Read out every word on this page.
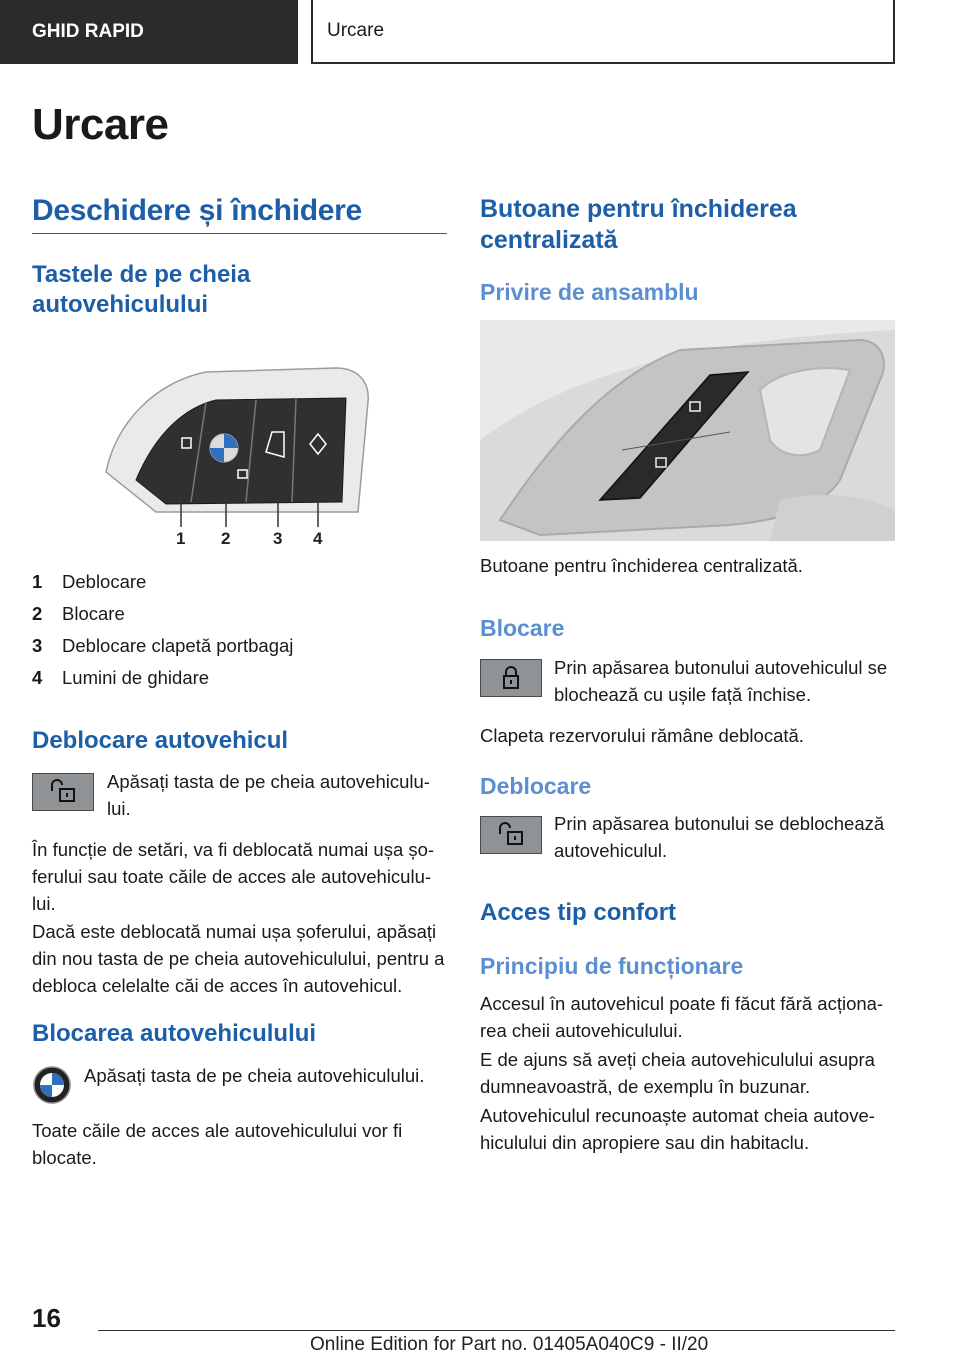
GHID RAPID	Urcare
Urcare
Deschidere și închidere
Tastele de pe cheia autovehiculului
1 2	3 4
1	Deblocare
2	Blocare
3	Deblocare clapetă portbagaj
4	Lumini de ghidare
Deblocare autovehicul
Apăsați tasta de pe cheia autovehiculu-lui.
În funcție de setări, va fi deblocată numai ușa șo-ferului sau toate căile de acces ale autovehiculu-lui.
Dacă este deblocată numai ușa șoferului, apăsați din nou tasta de pe cheia autovehiculului, pentru a debloca celelalte căi de acces în autovehicul.
Blocarea autovehiculului
Apăsați tasta de pe cheia autovehiculului.
Toate căile de acces ale autovehiculului vor fi blocate.
Butoane pentru închiderea centralizată
Privire de ansamblu
Butoane pentru închiderea centralizată.
Blocare
Prin apăsarea butonului autovehiculul se blochează cu ușile față închise.
Clapeta rezervorului rămâne deblocată.
Deblocare
Prin apăsarea butonului se deblochează autovehiculul.
Acces tip confort
Principiu de funcționare
Accesul în autovehicul poate fi făcut fără acționa-rea cheii autovehiculului.
E de ajuns să aveți cheia autovehiculului asupra dumneavoastră, de exemplu în buzunar.
Autovehiculul recunoaște automat cheia autove-hiculului din apropiere sau din habitaclu.
16
Online Edition for Part no. 01405A040C9 - II/20
